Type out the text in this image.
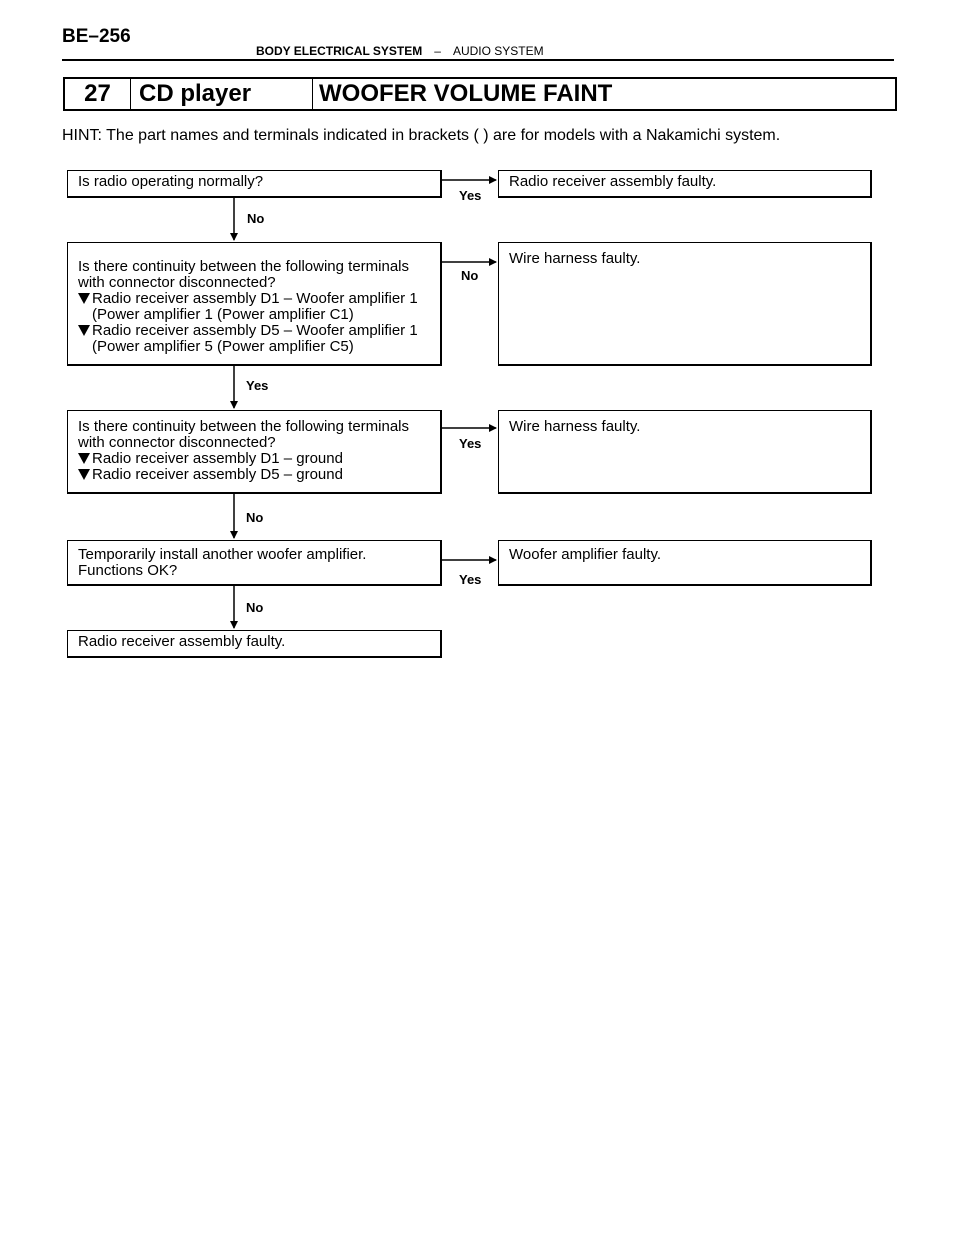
BE–256
BODY ELECTRICAL SYSTEM – AUDIO SYSTEM
27	CD player	WOOFER VOLUME FAINT
HINT: The part names and terminals indicated in brackets ( ) are for models with a Nakamichi system.
Yes
No
No
Yes
Yes
No
Yes
No
Is radio operating normally?	Radio receiver assembly faulty.
Is there continuity between the following terminals
with connector disconnected?
Radio receiver assembly D1 – Woofer amplifier 1
(Power amplifier 1 (Power amplifier C1)
Radio receiver assembly D5 – Woofer amplifier 1
(Power amplifier 5 (Power amplifier C5)
Wire harness faulty.
Is there continuity between the following terminals
with connector disconnected?
Radio receiver assembly D1 – ground
Radio receiver assembly D5 – ground
Wire harness faulty.
Temporarily install another woofer amplifier.
Functions OK?
Woofer amplifier faulty.
Radio receiver assembly faulty.
